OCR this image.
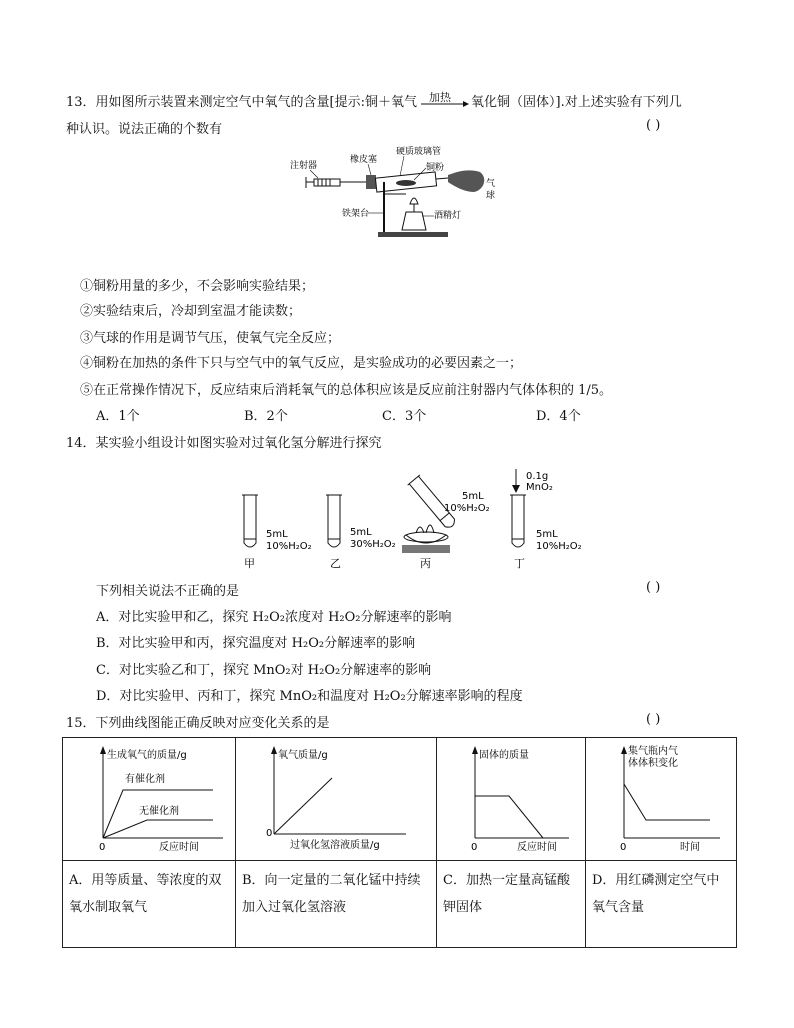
13．用如图所示装置来测定空气中氧气的含量[提示:铜＋氧气 加热 氧化铜（固体）].对上述实验有下列几
种认识。说法正确的个数有	( )
注射器
橡皮塞
硬质玻璃管
铜粉
气
球
铁架台	酒精灯
①铜粉用量的多少，不会影响实验结果；
②实验结束后，冷却到室温才能读数；
③气球的作用是调节气压，使氧气完全反应；
④铜粉在加热的条件下只与空气中的氧气反应，是实验成功的必要因素之一；
⑤在正常操作情况下，反应结束后消耗氧气的总体积应该是反应前注射器内气体体积的 1/5。
A．1个	B．2个	C．3个	D．4个
14．某实验小组设计如图实验对过氧化氢分解进行探究
5mL
10%H₂O₂
甲
5mL
30%H₂O₂
乙
5mL
10%H₂O₂
丙
0.1g
MnO₂
5mL
10%H₂O₂
丁
下列相关说法不正确的是	( )
A．对比实验甲和乙，探究 H₂O₂浓度对 H₂O₂分解速率的影响
B．对比实验甲和丙，探究温度对 H₂O₂分解速率的影响
C．对比实验乙和丁，探究 MnO₂对 H₂O₂分解速率的影响
D．对比实验甲、丙和丁，探究 MnO₂和温度对 H₂O₂分解速率影响的程度
15．下列曲线图能正确反映对应变化关系的是	( )
生成氧气的质量/g
0 反应时间
有催化剂
无催化剂	氧气质量/g
0
过氧化氢溶液质量/g	固体的质量
0 反应时间	集气瓶内气
体体积变化
0 时间

A．用等质量、等浓度的双氧水制取氧气	B．向一定量的二氧化锰中持续加入过氧化氢溶液	C．加热一定量高锰酸钾固体	D．用红磷测定空气中氧气含量
